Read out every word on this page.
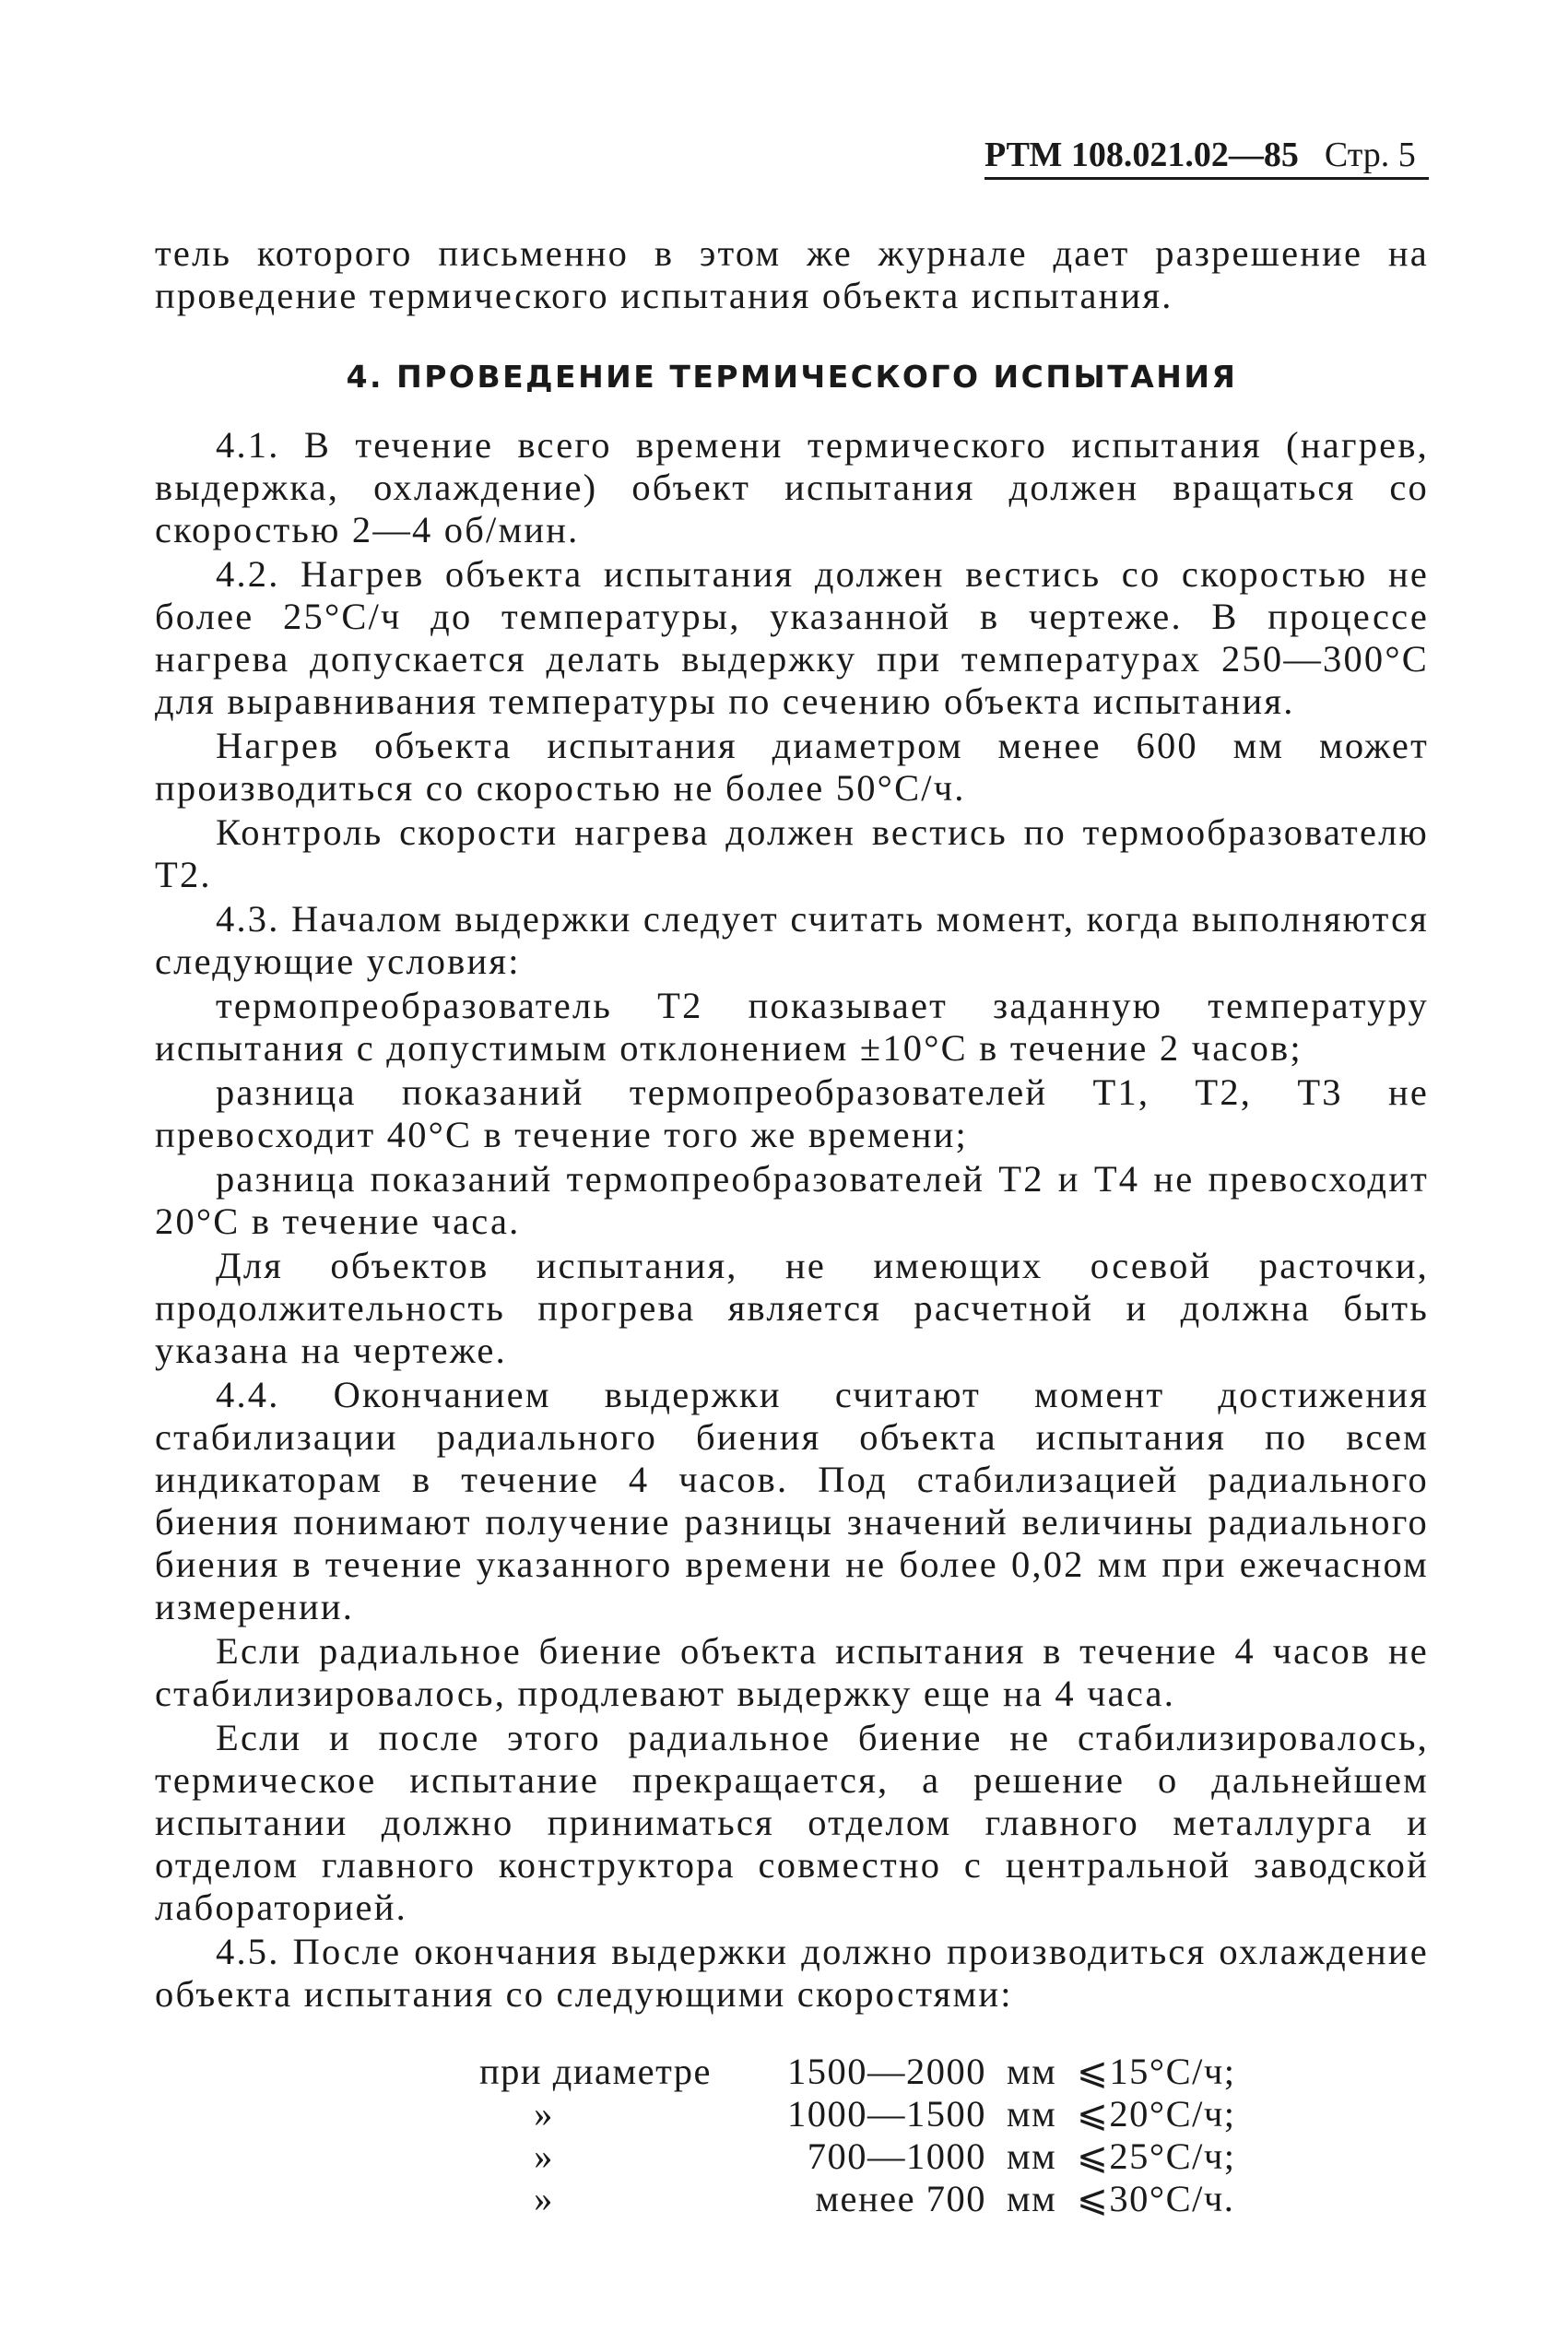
РТМ 108.021.02—85 Стр. 5

тель которого письменно в этом же журнале дает разрешение на проведение термического испытания объекта испытания.

4. ПРОВЕДЕНИЕ ТЕРМИЧЕСКОГО ИСПЫТАНИЯ

4.1. В течение всего времени термического испытания (нагрев, выдержка, охлаждение) объект испытания должен вращаться со скоростью 2—4 об/мин.

4.2. Нагрев объекта испытания должен вестись со скоростью не более 25°С/ч до температуры, указанной в чертеже. В процессе нагрева допускается делать выдержку при температурах 250—300°С для выравнивания температуры по сечению объекта испытания.

Нагрев объекта испытания диаметром менее 600 мм может производиться со скоростью не более 50°С/ч.

Контроль скорости нагрева должен вестись по термообразователю Т2.

4.3. Началом выдержки следует считать момент, когда выполняются следующие условия:

термопреобразователь Т2 показывает заданную температуру испытания с допустимым отклонением ±10°С в течение 2 часов;

разница показаний термопреобразователей Т1, Т2, Т3 не превосходит 40°С в течение того же времени;

разница показаний термопреобразователей Т2 и Т4 не превосходит 20°С в течение часа.

Для объектов испытания, не имеющих осевой расточки, продолжительность прогрева является расчетной и должна быть указана на чертеже.

4.4. Окончанием выдержки считают момент достижения стабилизации радиального биения объекта испытания по всем индикаторам в течение 4 часов. Под стабилизацией радиального биения понимают получение разницы значений величины радиального биения в течение указанного времени не более 0,02 мм при ежечасном измерении.

Если радиальное биение объекта испытания в течение 4 часов не стабилизировалось, продлевают выдержку еще на 4 часа.

Если и после этого радиальное биение не стабилизировалось, термическое испытание прекращается, а решение о дальнейшем испытании должно приниматься отделом главного металлурга и отделом главного конструктора совместно с центральной заводской лабораторией.

4.5. После окончания выдержки должно производиться охлаждение объекта испытания со следующими скоростями:

при диаметре	1500—2000	мм	⩽15°С/ч;
»	1000—1500	мм	⩽20°С/ч;
»	700—1000	мм	⩽25°С/ч;
»	менее 700	мм	⩽30°С/ч.
